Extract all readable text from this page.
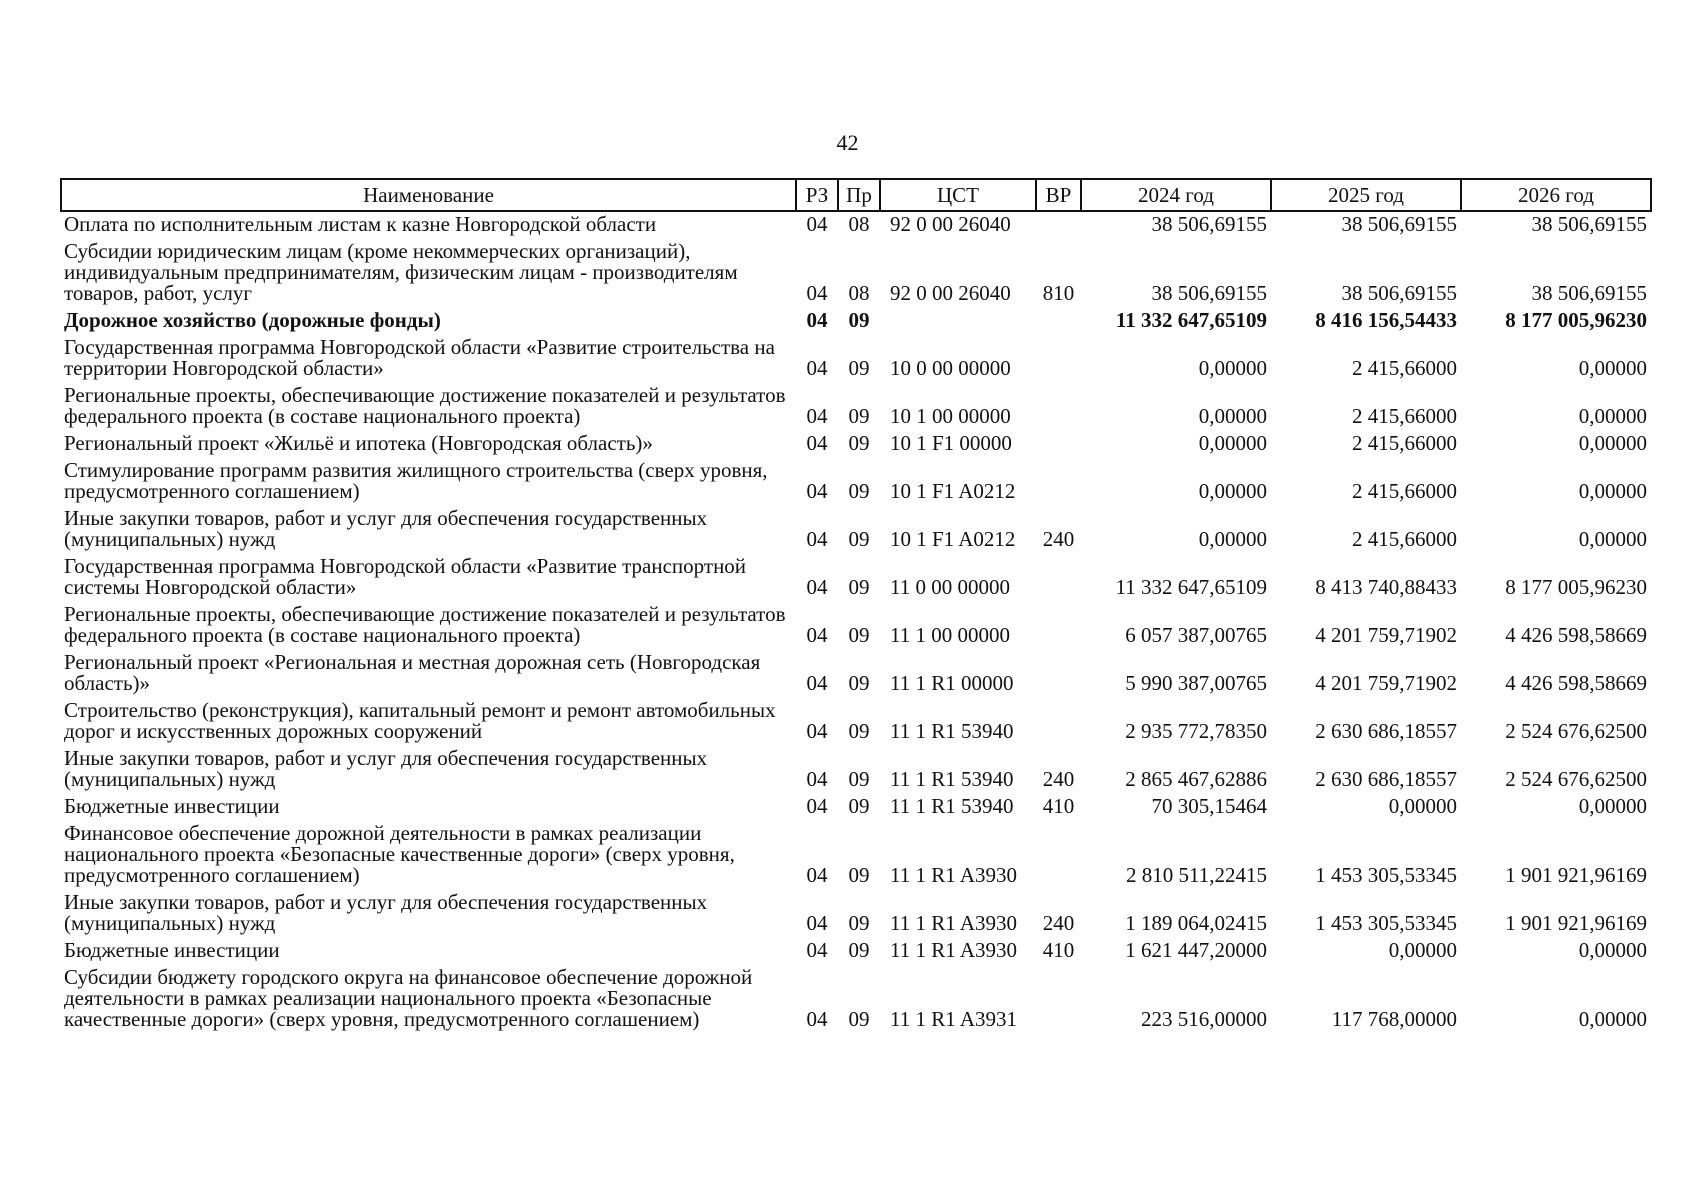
42
Наименование	РЗ	Пр	ЦСТ	ВР	2024 год	2025 год	2026 год
Оплата по исполнительным листам к казне Новгородской области	04	08	92 0 00 26040		38 506,69155	38 506,69155	38 506,69155
Субсидии юридическим лицам (кроме некоммерческих организаций), индивидуальным предпринимателям, физическим лицам - производителям товаров, работ, услуг	04	08	92 0 00 26040	810	38 506,69155	38 506,69155	38 506,69155
Дорожное хозяйство (дорожные фонды)	04	09			11 332 647,65109	8 416 156,54433	8 177 005,96230
Государственная программа Новгородской области «Развитие строительства на территории Новгородской области»	04	09	10 0 00 00000		0,00000	2 415,66000	0,00000
Региональные проекты, обеспечивающие достижение показателей и результатов федерального проекта (в составе национального проекта)	04	09	10 1 00 00000		0,00000	2 415,66000	0,00000
Региональный проект «Жильё и ипотека (Новгородская область)»	04	09	10 1 F1 00000		0,00000	2 415,66000	0,00000
Стимулирование программ развития жилищного строительства (сверх уровня, предусмотренного соглашением)	04	09	10 1 F1 A0212		0,00000	2 415,66000	0,00000
Иные закупки товаров, работ и услуг для обеспечения государственных (муниципальных) нужд	04	09	10 1 F1 A0212	240	0,00000	2 415,66000	0,00000
Государственная программа Новгородской области «Развитие транспортной системы Новгородской области»	04	09	11 0 00 00000		11 332 647,65109	8 413 740,88433	8 177 005,96230
Региональные проекты, обеспечивающие достижение показателей и результатов федерального проекта (в составе национального проекта)	04	09	11 1 00 00000		6 057 387,00765	4 201 759,71902	4 426 598,58669
Региональный проект «Региональная и местная дорожная сеть (Новгородская область)»	04	09	11 1 R1 00000		5 990 387,00765	4 201 759,71902	4 426 598,58669
Строительство (реконструкция), капитальный ремонт и ремонт автомобильных дорог и искусственных дорожных сооружений	04	09	11 1 R1 53940		2 935 772,78350	2 630 686,18557	2 524 676,62500
Иные закупки товаров, работ и услуг для обеспечения государственных (муниципальных) нужд	04	09	11 1 R1 53940	240	2 865 467,62886	2 630 686,18557	2 524 676,62500
Бюджетные инвестиции	04	09	11 1 R1 53940	410	70 305,15464	0,00000	0,00000
Финансовое обеспечение дорожной деятельности в рамках реализации национального проекта «Безопасные качественные дороги» (сверх уровня, предусмотренного соглашением)	04	09	11 1 R1 A3930		2 810 511,22415	1 453 305,53345	1 901 921,96169
Иные закупки товаров, работ и услуг для обеспечения государственных (муниципальных) нужд	04	09	11 1 R1 A3930	240	1 189 064,02415	1 453 305,53345	1 901 921,96169
Бюджетные инвестиции	04	09	11 1 R1 A3930	410	1 621 447,20000	0,00000	0,00000
Субсидии бюджету городского округа на финансовое обеспечение дорожной деятельности в рамках реализации национального проекта «Безопасные качественные дороги» (сверх уровня, предусмотренного соглашением)	04	09	11 1 R1 A3931		223 516,00000	117 768,00000	0,00000
